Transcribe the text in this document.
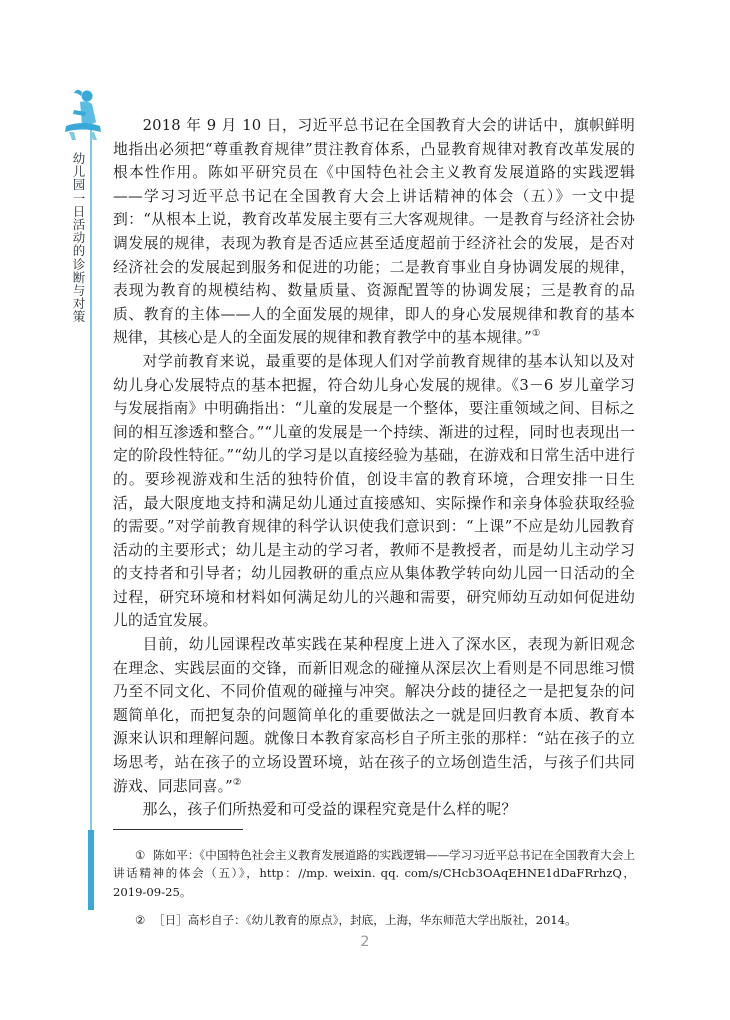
幼儿园一日活动的诊断与对策

2018 年 9 月 10 日，习近平总书记在全国教育大会的讲话中，旗帜鲜明地指出必须把“尊重教育规律”贯注教育体系，凸显教育规律对教育改革发展的根本性作用。陈如平研究员在《中国特色社会主义教育发展道路的实践逻辑——学习习近平总书记在全国教育大会上讲话精神的体会（五）》一文中提到：“从根本上说，教育改革发展主要有三大客观规律。一是教育与经济社会协调发展的规律，表现为教育是否适应甚至适度超前于经济社会的发展，是否对经济社会的发展起到服务和促进的功能；二是教育事业自身协调发展的规律，表现为教育的规模结构、数量质量、资源配置等的协调发展；三是教育的品质、教育的主体——人的全面发展的规律，即人的身心发展规律和教育的基本规律，其核心是人的全面发展的规律和教育教学中的基本规律。”①

对学前教育来说，最重要的是体现人们对学前教育规律的基本认知以及对幼儿身心发展特点的基本把握，符合幼儿身心发展的规律。《3－6 岁儿童学习与发展指南》中明确指出：“儿童的发展是一个整体，要注重领域之间、目标之间的相互渗透和整合。”“儿童的发展是一个持续、渐进的过程，同时也表现出一定的阶段性特征。”“幼儿的学习是以直接经验为基础，在游戏和日常生活中进行的。要珍视游戏和生活的独特价值，创设丰富的教育环境，合理安排一日生活，最大限度地支持和满足幼儿通过直接感知、实际操作和亲身体验获取经验的需要。”对学前教育规律的科学认识使我们意识到：“上课”不应是幼儿园教育活动的主要形式；幼儿是主动的学习者，教师不是教授者，而是幼儿主动学习的支持者和引导者；幼儿园教研的重点应从集体教学转向幼儿园一日活动的全过程，研究环境和材料如何满足幼儿的兴趣和需要，研究师幼互动如何促进幼儿的适宜发展。

目前，幼儿园课程改革实践在某种程度上进入了深水区，表现为新旧观念在理念、实践层面的交锋，而新旧观念的碰撞从深层次上看则是不同思维习惯乃至不同文化、不同价值观的碰撞与冲突。解决分歧的捷径之一是把复杂的问题简单化，而把复杂的问题简单化的重要做法之一就是回归教育本质、教育本源来认识和理解问题。就像日本教育家高杉自子所主张的那样：“站在孩子的立场思考，站在孩子的立场设置环境，站在孩子的立场创造生活，与孩子们共同游戏、同悲同喜。”②

那么，孩子们所热爱和可受益的课程究竟是什么样的呢？

① 陈如平：《中国特色社会主义教育发展道路的实践逻辑——学习习近平总书记在全国教育大会上讲话精神的体会（五）》，http：//mp. weixin. qq. com/s/CHcb3OAqEHNE1dDaFRrhzQ，2019-09-25。

② ［日］高杉自子：《幼儿教育的原点》，封底，上海，华东师范大学出版社，2014。

2
